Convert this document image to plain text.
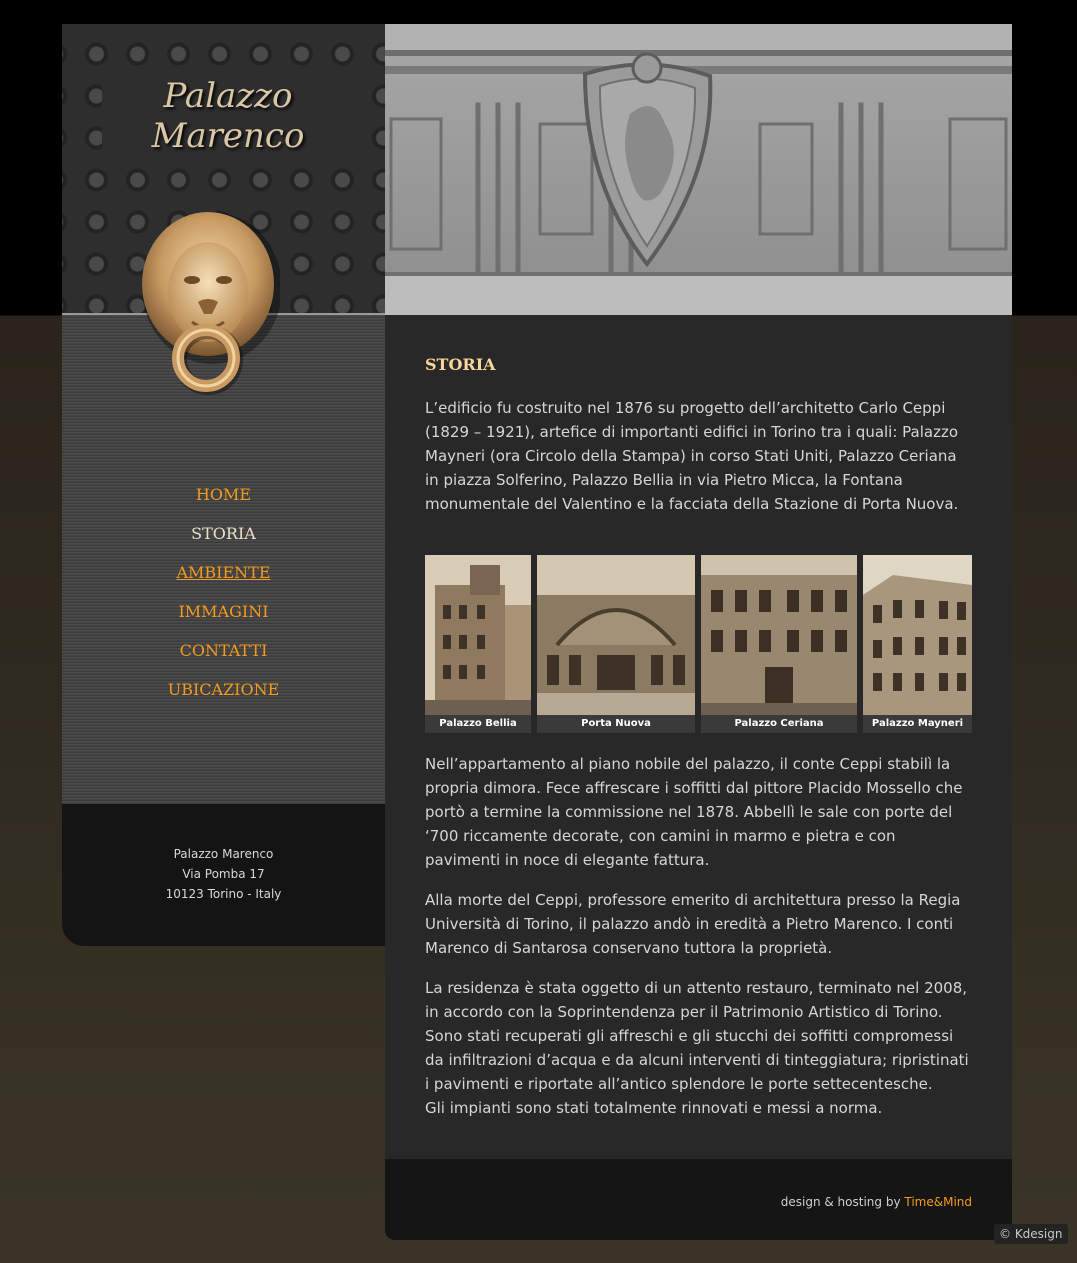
Palazzo
Marenco
HOME
STORIA
AMBIENTE
IMMAGINI
CONTATTI
UBICAZIONE
Palazzo Marenco
Via Pomba 17
10123 Torino - Italy
STORIA

L’edificio fu costruito nel 1876 su progetto dell’architetto Carlo Ceppi (1829 – 1921), artefice di importanti edifici in Torino tra i quali: Palazzo Mayneri (ora Circolo della Stampa) in corso Stati Uniti, Palazzo Ceriana in piazza Solferino, Palazzo Bellia in via Pietro Micca, la Fontana monumentale del Valentino e la facciata della Stazione di Porta Nuova.

Palazzo Bellia	Porta Nuova	Palazzo Ceriana	Palazzo Mayneri

Nell’appartamento al piano nobile del palazzo, il conte Ceppi stabilì la propria dimora. Fece affrescare i soffitti dal pittore Placido Mossello che portò a termine la commissione nel 1878. Abbellì le sale con porte del ‘700 riccamente decorate, con camini in marmo e pietra e con pavimenti in noce di elegante fattura.

Alla morte del Ceppi, professore emerito di architettura presso la Regia Università di Torino, il palazzo andò in eredità a Pietro Marenco. I conti Marenco di Santarosa conservano tuttora la proprietà.

La residenza è stata oggetto di un attento restauro, terminato nel 2008, in accordo con la Soprintendenza per il Patrimonio Artistico di Torino. Sono stati recuperati gli affreschi e gli stucchi dei soffitti compromessi da infiltrazioni d’acqua e da alcuni interventi di tinteggiatura; ripristinati i pavimenti e riportate all’antico splendore le porte settecentesche.
Gli impianti sono stati totalmente rinnovati e messi a norma.

design & hosting by Time&Mind
© Kdesign
